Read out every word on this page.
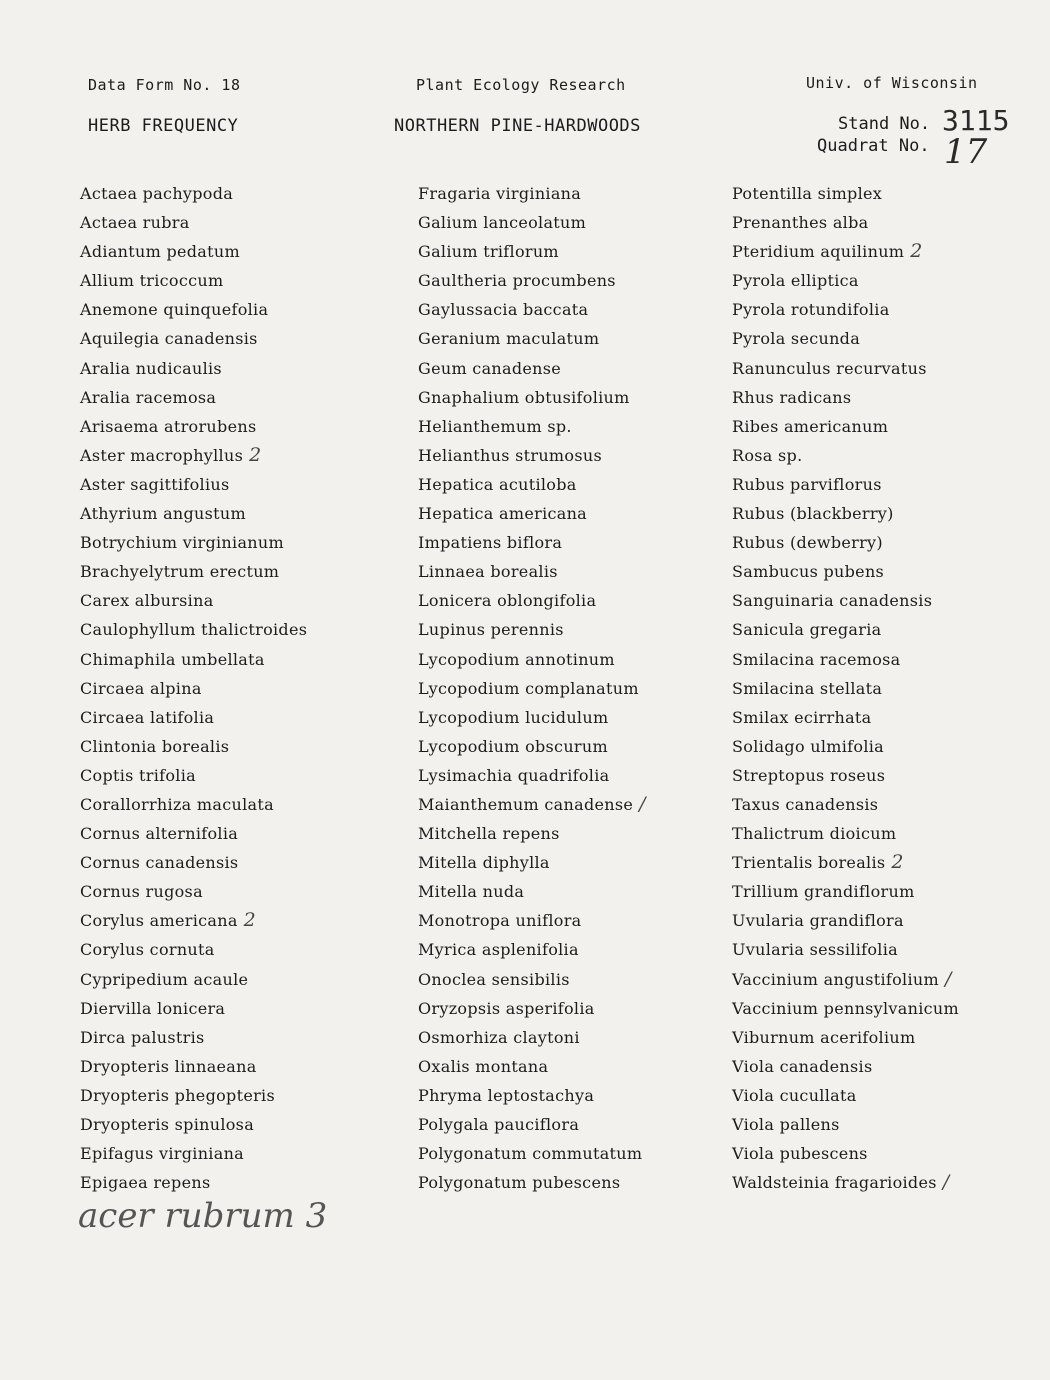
Data Form No. 18	Plant Ecology Research	Univ. of Wisconsin
HERB FREQUENCY	NORTHERN PINE-HARDWOODS	Stand No. 3115
Quadrat No. 17
Actaea pachypoda
Actaea rubra
Adiantum pedatum
Allium tricoccum
Anemone quinquefolia
Aquilegia canadensis
Aralia nudicaulis
Aralia racemosa
Arisaema atrorubens
Aster macrophyllus 2
Aster sagittifolius
Athyrium angustum
Botrychium virginianum
Brachyelytrum erectum
Carex albursina
Caulophyllum thalictroides
Chimaphila umbellata
Circaea alpina
Circaea latifolia
Clintonia borealis
Coptis trifolia
Corallorrhiza maculata
Cornus alternifolia
Cornus canadensis
Cornus rugosa
Corylus americana 2
Corylus cornuta
Cypripedium acaule
Diervilla lonicera
Dirca palustris
Dryopteris linnaeana
Dryopteris phegopteris
Dryopteris spinulosa
Epifagus virginiana
Epigaea repens
Fragaria virginiana
Galium lanceolatum
Galium triflorum
Gaultheria procumbens
Gaylussacia baccata
Geranium maculatum
Geum canadense
Gnaphalium obtusifolium
Helianthemum sp.
Helianthus strumosus
Hepatica acutiloba
Hepatica americana
Impatiens biflora
Linnaea borealis
Lonicera oblongifolia
Lupinus perennis
Lycopodium annotinum
Lycopodium complanatum
Lycopodium lucidulum
Lycopodium obscurum
Lysimachia quadrifolia
Maianthemum canadense /
Mitchella repens
Mitella diphylla
Mitella nuda
Monotropa uniflora
Myrica asplenifolia
Onoclea sensibilis
Oryzopsis asperifolia
Osmorhiza claytoni
Oxalis montana
Phryma leptostachya
Polygala pauciflora
Polygonatum commutatum
Polygonatum pubescens
Potentilla simplex
Prenanthes alba
Pteridium aquilinum 2
Pyrola elliptica
Pyrola rotundifolia
Pyrola secunda
Ranunculus recurvatus
Rhus radicans
Ribes americanum
Rosa sp.
Rubus parviflorus
Rubus (blackberry)
Rubus (dewberry)
Sambucus pubens
Sanguinaria canadensis
Sanicula gregaria
Smilacina racemosa
Smilacina stellata
Smilax ecirrhata
Solidago ulmifolia
Streptopus roseus
Taxus canadensis
Thalictrum dioicum
Trientalis borealis 2
Trillium grandiflorum
Uvularia grandiflora
Uvularia sessilifolia
Vaccinium angustifolium /
Vaccinium pennsylvanicum
Viburnum acerifolium
Viola canadensis
Viola cucullata
Viola pallens
Viola pubescens
Waldsteinia fragarioides /
acer rubrum 3
